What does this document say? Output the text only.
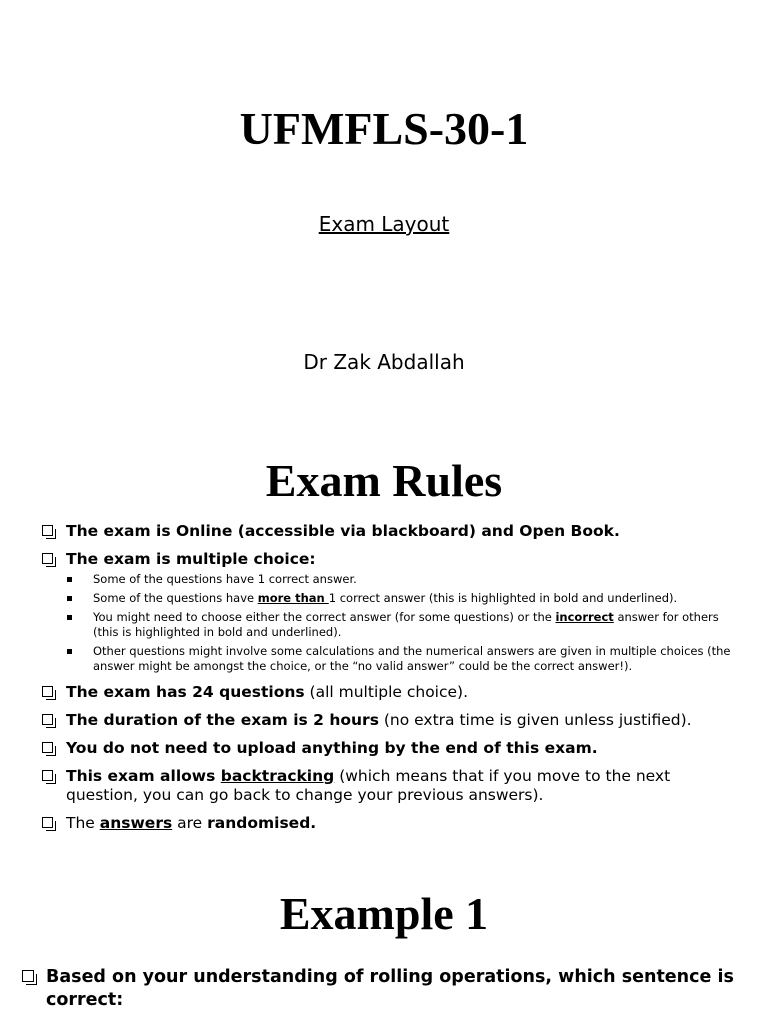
UFMFLS-30-1
Exam Layout
Dr Zak Abdallah
Exam Rules
The exam is Online (accessible via blackboard) and Open Book.
The exam is multiple choice:
Some of the questions have 1 correct answer.
Some of the questions have more than 1 correct answer (this is highlighted in bold and underlined).
You might need to choose either the correct answer (for some questions) or the incorrect answer for others (this is highlighted in bold and underlined).
Other questions might involve some calculations and the numerical answers are given in multiple choices (the answer might be amongst the choice, or the “no valid answer” could be the correct answer!).
The exam has 24 questions (all multiple choice).
The duration of the exam is 2 hours (no extra time is given unless justified).
You do not need to upload anything by the end of this exam.
This exam allows backtracking (which means that if you move to the next question, you can go back to change your previous answers).
The answers are randomised.
Example 1
Based on your understanding of rolling operations, which sentence is correct:
